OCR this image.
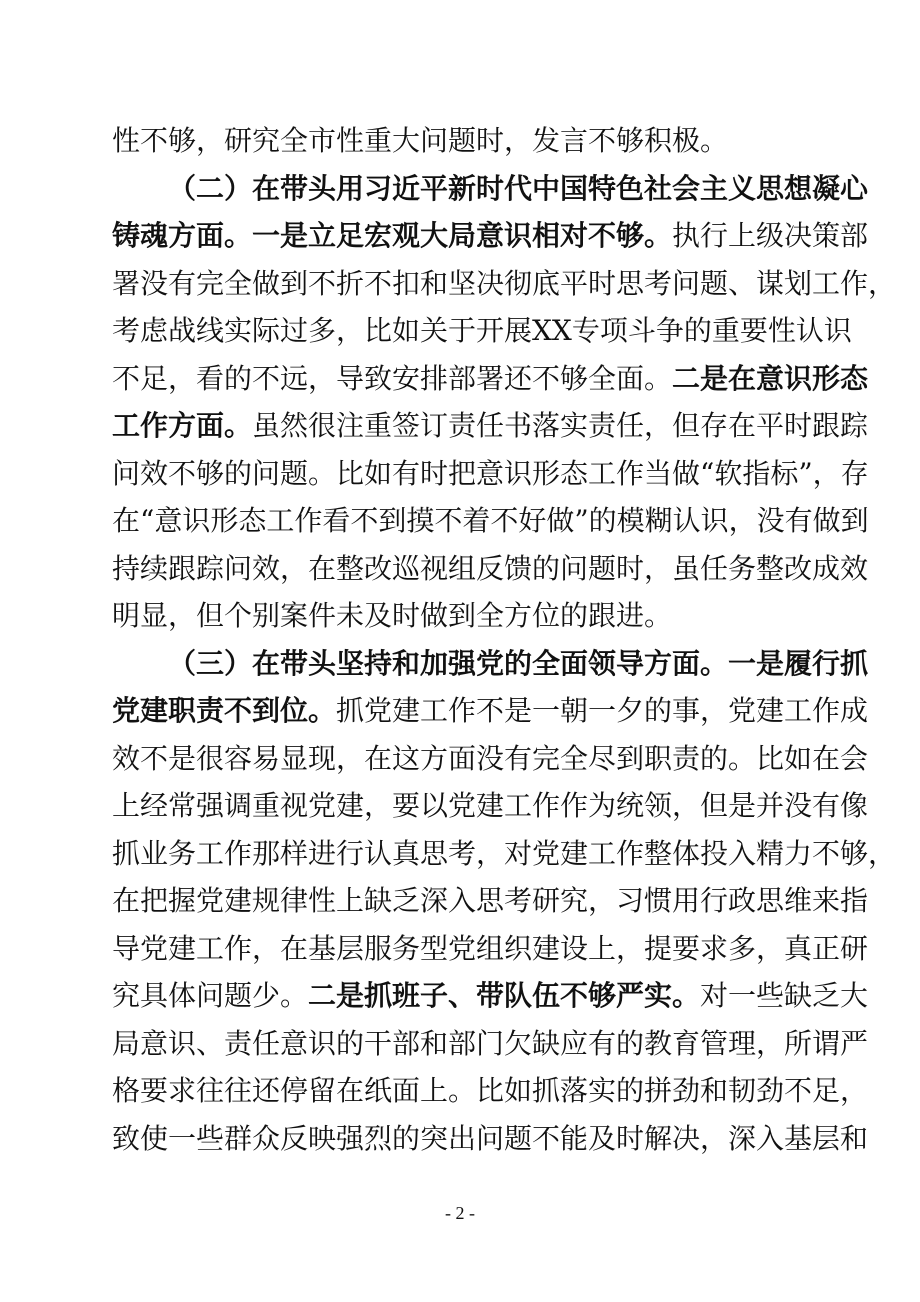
性不够，研究全市性重大问题时，发言不够积极。
（二）在带头用习近平新时代中国特色社会主义思想凝心
铸魂方面。一是立足宏观大局意识相对不够。执行上级决策部
署没有完全做到不折不扣和坚决彻底平时思考问题、谋划工作，
考虑战线实际过多，比如关于开展XX专项斗争的重要性认识
不足，看的不远，导致安排部署还不够全面。二是在意识形态
工作方面。虽然很注重签订责任书落实责任，但存在平时跟踪
问效不够的问题。比如有时把意识形态工作当做“软指标”，存
在“意识形态工作看不到摸不着不好做”的模糊认识，没有做到
持续跟踪问效，在整改巡视组反馈的问题时，虽任务整改成效
明显，但个别案件未及时做到全方位的跟进。
（三）在带头坚持和加强党的全面领导方面。一是履行抓
党建职责不到位。抓党建工作不是一朝一夕的事，党建工作成
效不是很容易显现，在这方面没有完全尽到职责的。比如在会
上经常强调重视党建，要以党建工作作为统领，但是并没有像
抓业务工作那样进行认真思考，对党建工作整体投入精力不够，
在把握党建规律性上缺乏深入思考研究，习惯用行政思维来指
导党建工作，在基层服务型党组织建设上，提要求多，真正研
究具体问题少。二是抓班子、带队伍不够严实。对一些缺乏大
局意识、责任意识的干部和部门欠缺应有的教育管理，所谓严
格要求往往还停留在纸面上。比如抓落实的拼劲和韧劲不足，
致使一些群众反映强烈的突出问题不能及时解决，深入基层和
- 2 -
